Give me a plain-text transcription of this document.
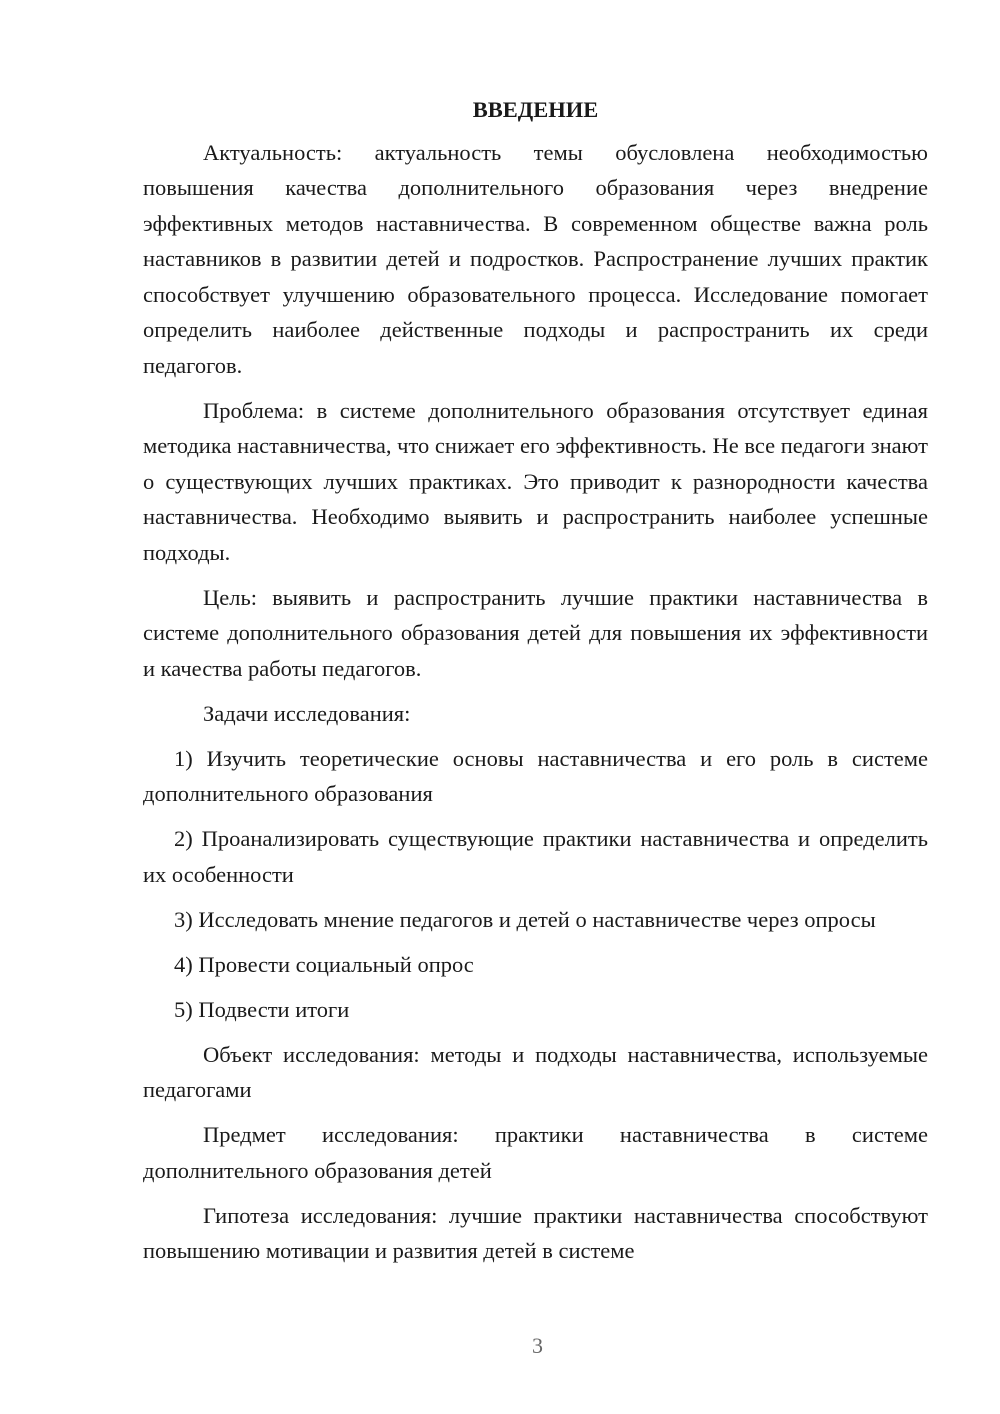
ВВЕДЕНИЕ
Актуальность: актуальность темы обусловлена необходимостью повышения качества дополнительного образования через внедрение эффективных методов наставничества. В современном обществе важна роль наставников в развитии детей и подростков. Распространение лучших практик способствует улучшению образовательного процесса. Исследование помогает определить наиболее действенные подходы и распространить их среди педагогов.
Проблема: в системе дополнительного образования отсутствует единая методика наставничества, что снижает его эффективность. Не все педагоги знают о существующих лучших практиках. Это приводит к разнородности качества наставничества. Необходимо выявить и распространить наиболее успешные подходы.
Цель: выявить и распространить лучшие практики наставничества в системе дополнительного образования детей для повышения их эффективности и качества работы педагогов.
Задачи исследования:
1) Изучить теоретические основы наставничества и его роль в системе дополнительного образования
2) Проанализировать существующие практики наставничества и определить их особенности
3) Исследовать мнение педагогов и детей о наставничестве через опросы
4) Провести социальный опрос
5) Подвести итоги
Объект исследования: методы и подходы наставничества, используемые педагогами
Предмет исследования: практики наставничества в системе дополнительного образования детей
Гипотеза исследования: лучшие практики наставничества способствуют повышению мотивации и развития детей в системе
3
